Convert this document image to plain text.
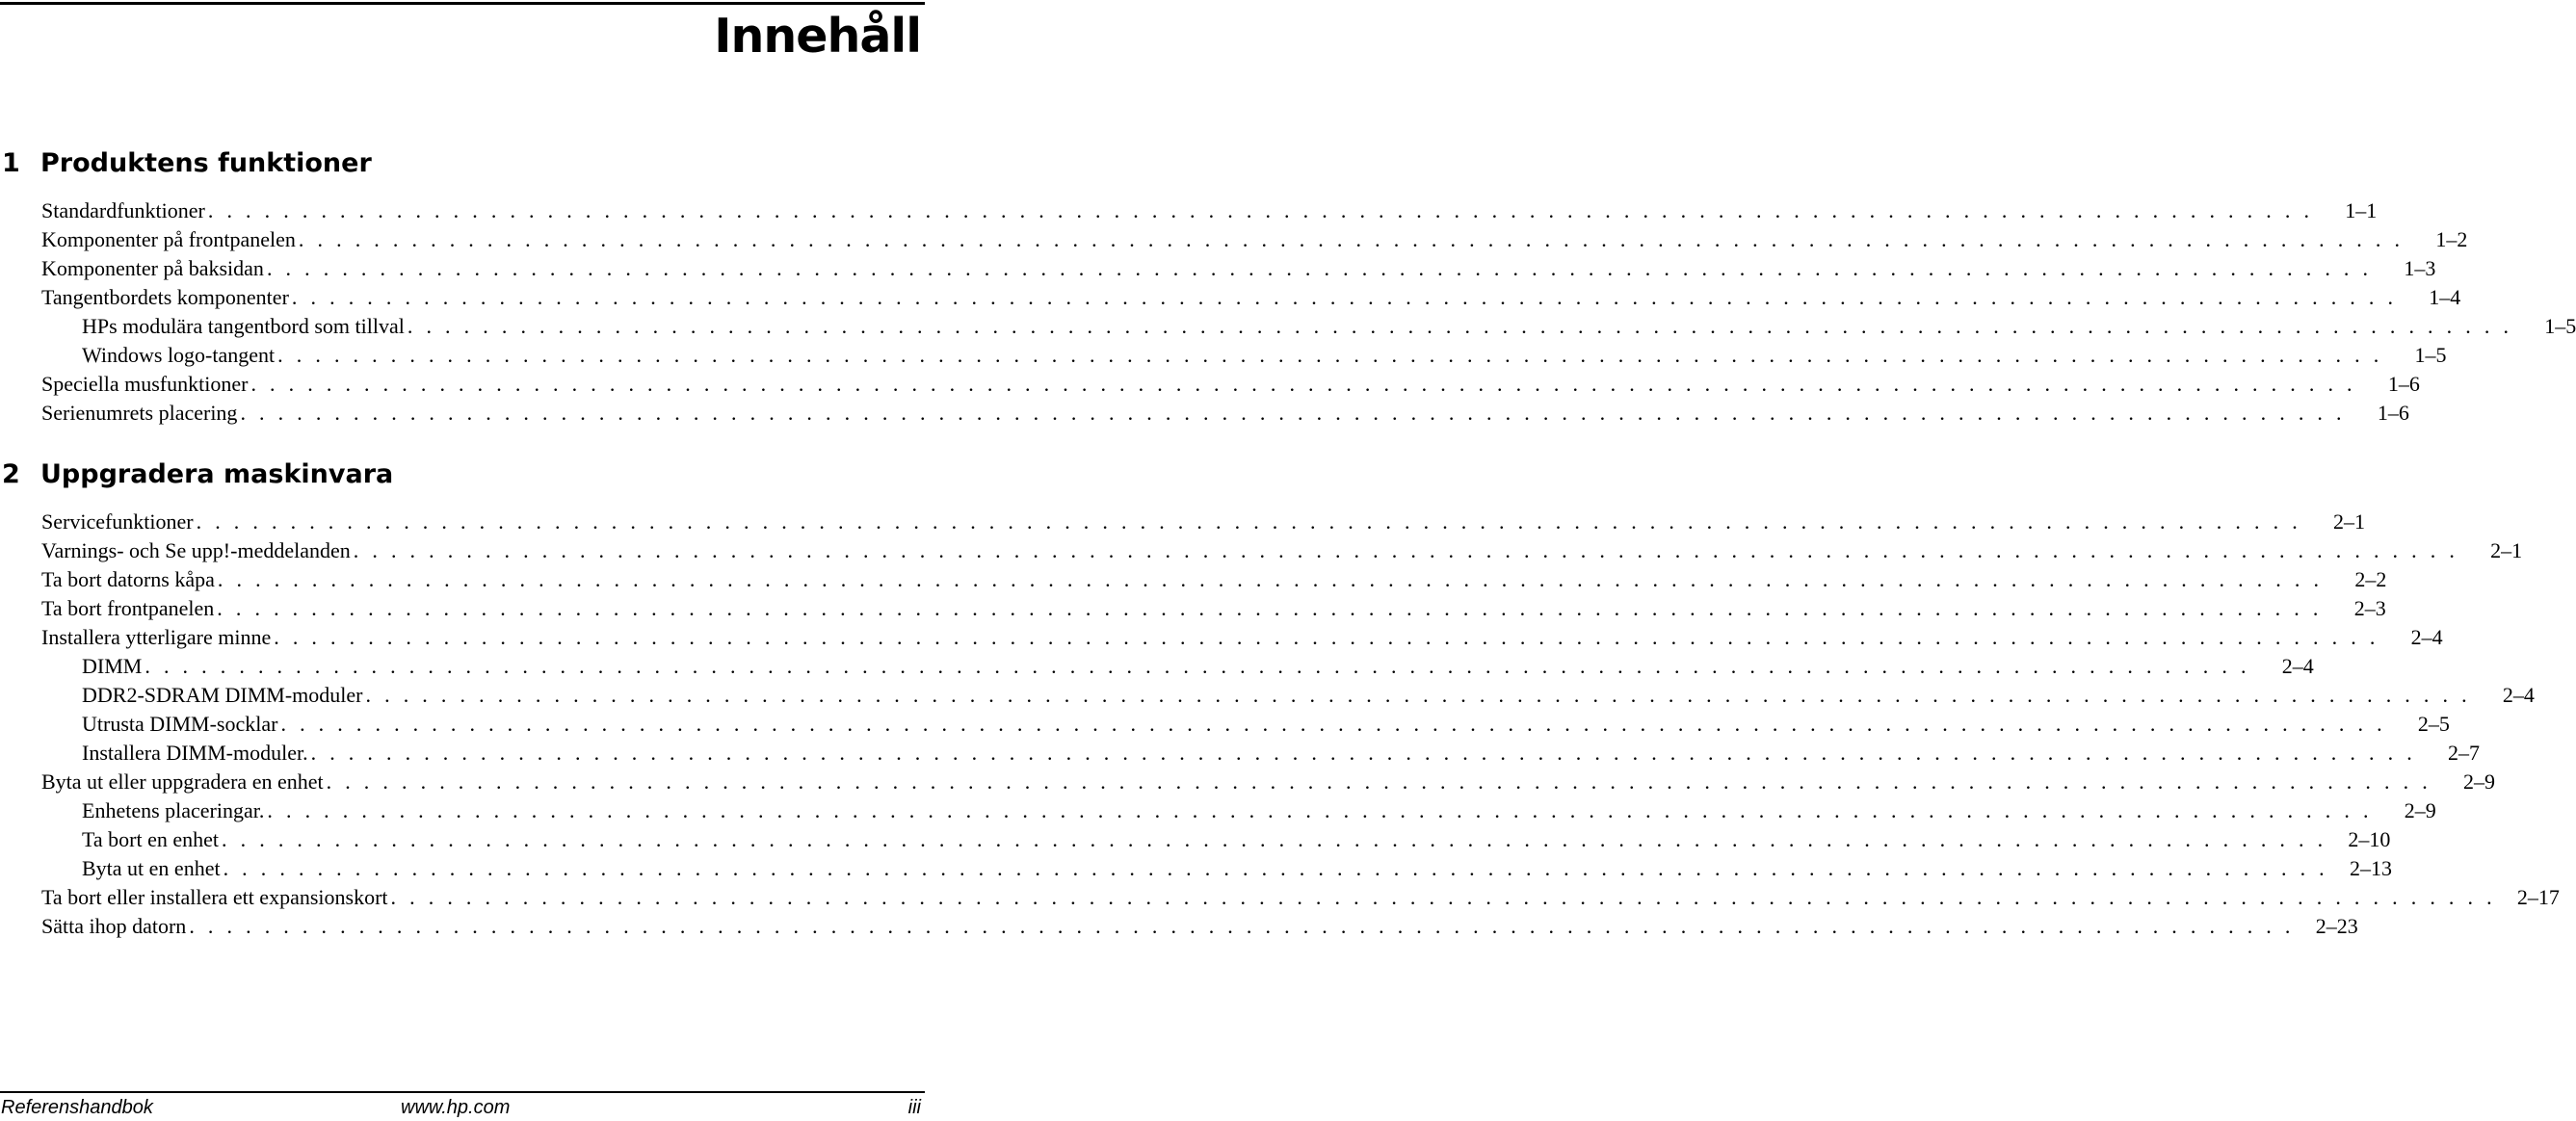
Innehåll
1 Produktens funktioner
Standardfunktioner . . . . . . . . . . . . . . . . . . . . . . . . . . . . . . . . . . . . . . . . . . . . . . . . . . . . . . . . . . . . . . . . . . . . . . . . . . . . . . . . . . . . . . . . . . . . . . . . . . . . . . . . . . . . . . . .	1–1
Komponenter på frontpanelen . . . . . . . . . . . . . . . . . . . . . . . . . . . . . . . . . . . . . . . . . . . . . . . . . . . . . . . . . . . . . . . . . . . . . . . . . . . . . . . . . . . . . . . . . . . . . . . . . . . . . . . . . . . . . . . .	1–2
Komponenter på baksidan . . . . . . . . . . . . . . . . . . . . . . . . . . . . . . . . . . . . . . . . . . . . . . . . . . . . . . . . . . . . . . . . . . . . . . . . . . . . . . . . . . . . . . . . . . . . . . . . . . . . . . . . . . . . . . . .	1–3
Tangentbordets komponenter . . . . . . . . . . . . . . . . . . . . . . . . . . . . . . . . . . . . . . . . . . . . . . . . . . . . . . . . . . . . . . . . . . . . . . . . . . . . . . . . . . . . . . . . . . . . . . . . . . . . . . . . . . . . . . . .	1–4
HPs modulära tangentbord som tillval . . . . . . . . . . . . . . . . . . . . . . . . . . . . . . . . . . . . . . . . . . . . . . . . . . . . . . . . . . . . . . . . . . . . . . . . . . . . . . . . . . . . . . . . . . . . . . . . . . . . . . . . . . . . . . . .	1–5
Windows logo-tangent . . . . . . . . . . . . . . . . . . . . . . . . . . . . . . . . . . . . . . . . . . . . . . . . . . . . . . . . . . . . . . . . . . . . . . . . . . . . . . . . . . . . . . . . . . . . . . . . . . . . . . . . . . . . . . . .	1–5
Speciella musfunktioner . . . . . . . . . . . . . . . . . . . . . . . . . . . . . . . . . . . . . . . . . . . . . . . . . . . . . . . . . . . . . . . . . . . . . . . . . . . . . . . . . . . . . . . . . . . . . . . . . . . . . . . . . . . . . . . .	1–6
Serienumrets placering . . . . . . . . . . . . . . . . . . . . . . . . . . . . . . . . . . . . . . . . . . . . . . . . . . . . . . . . . . . . . . . . . . . . . . . . . . . . . . . . . . . . . . . . . . . . . . . . . . . . . . . . . . . . . . . .	1–6
2 Uppgradera maskinvara
Servicefunktioner . . . . . . . . . . . . . . . . . . . . . . . . . . . . . . . . . . . . . . . . . . . . . . . . . . . . . . . . . . . . . . . . . . . . . . . . . . . . . . . . . . . . . . . . . . . . . . . . . . . . . . . . . . . . . . . .	2–1
Varnings- och Se upp!-meddelanden . . . . . . . . . . . . . . . . . . . . . . . . . . . . . . . . . . . . . . . . . . . . . . . . . . . . . . . . . . . . . . . . . . . . . . . . . . . . . . . . . . . . . . . . . . . . . . . . . . . . . . . . . . . . . . . .	2–1
Ta bort datorns kåpa . . . . . . . . . . . . . . . . . . . . . . . . . . . . . . . . . . . . . . . . . . . . . . . . . . . . . . . . . . . . . . . . . . . . . . . . . . . . . . . . . . . . . . . . . . . . . . . . . . . . . . . . . . . . . . . .	2–2
Ta bort frontpanelen . . . . . . . . . . . . . . . . . . . . . . . . . . . . . . . . . . . . . . . . . . . . . . . . . . . . . . . . . . . . . . . . . . . . . . . . . . . . . . . . . . . . . . . . . . . . . . . . . . . . . . . . . . . . . . . .	2–3
Installera ytterligare minne . . . . . . . . . . . . . . . . . . . . . . . . . . . . . . . . . . . . . . . . . . . . . . . . . . . . . . . . . . . . . . . . . . . . . . . . . . . . . . . . . . . . . . . . . . . . . . . . . . . . . . . . . . . . . . . .	2–4
DIMM . . . . . . . . . . . . . . . . . . . . . . . . . . . . . . . . . . . . . . . . . . . . . . . . . . . . . . . . . . . . . . . . . . . . . . . . . . . . . . . . . . . . . . . . . . . . . . . . . . . . . . . . . . . . . . . .	2–4
DDR2-SDRAM DIMM-moduler . . . . . . . . . . . . . . . . . . . . . . . . . . . . . . . . . . . . . . . . . . . . . . . . . . . . . . . . . . . . . . . . . . . . . . . . . . . . . . . . . . . . . . . . . . . . . . . . . . . . . . . . . . . . . . . .	2–4
Utrusta DIMM-socklar . . . . . . . . . . . . . . . . . . . . . . . . . . . . . . . . . . . . . . . . . . . . . . . . . . . . . . . . . . . . . . . . . . . . . . . . . . . . . . . . . . . . . . . . . . . . . . . . . . . . . . . . . . . . . . . .	2–5
Installera DIMM-moduler. . . . . . . . . . . . . . . . . . . . . . . . . . . . . . . . . . . . . . . . . . . . . . . . . . . . . . . . . . . . . . . . . . . . . . . . . . . . . . . . . . . . . . . . . . . . . . . . . . . . . . . . . . . . . . . . .	2–7
Byta ut eller uppgradera en enhet . . . . . . . . . . . . . . . . . . . . . . . . . . . . . . . . . . . . . . . . . . . . . . . . . . . . . . . . . . . . . . . . . . . . . . . . . . . . . . . . . . . . . . . . . . . . . . . . . . . . . . . . . . . . . . . .	2–9
Enhetens placeringar. . . . . . . . . . . . . . . . . . . . . . . . . . . . . . . . . . . . . . . . . . . . . . . . . . . . . . . . . . . . . . . . . . . . . . . . . . . . . . . . . . . . . . . . . . . . . . . . . . . . . . . . . . . . . . . . .	2–9
Ta bort en enhet . . . . . . . . . . . . . . . . . . . . . . . . . . . . . . . . . . . . . . . . . . . . . . . . . . . . . . . . . . . . . . . . . . . . . . . . . . . . . . . . . . . . . . . . . . . . . . . . . . . . . . . . . . . . . . . .	2–10
Byta ut en enhet . . . . . . . . . . . . . . . . . . . . . . . . . . . . . . . . . . . . . . . . . . . . . . . . . . . . . . . . . . . . . . . . . . . . . . . . . . . . . . . . . . . . . . . . . . . . . . . . . . . . . . . . . . . . . . . .	2–13
Ta bort eller installera ett expansionskort . . . . . . . . . . . . . . . . . . . . . . . . . . . . . . . . . . . . . . . . . . . . . . . . . . . . . . . . . . . . . . . . . . . . . . . . . . . . . . . . . . . . . . . . . . . . . . . . . . . . . . . . . . . . . . . .	2–17
Sätta ihop datorn . . . . . . . . . . . . . . . . . . . . . . . . . . . . . . . . . . . . . . . . . . . . . . . . . . . . . . . . . . . . . . . . . . . . . . . . . . . . . . . . . . . . . . . . . . . . . . . . . . . . . . . . . . . . . . . .	2–23
Referenshandbok	www.hp.com	iii
